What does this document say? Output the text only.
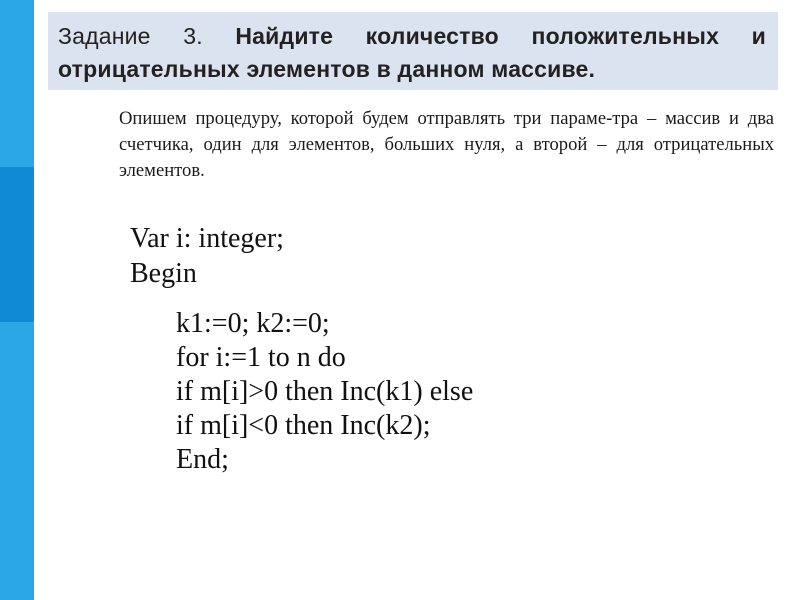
Задание 3. Найдите количество положительных и отрицательных элементов в данном массиве.
Опишем процедуру, которой будем отправлять три параме-тра – массив и два счетчика, один для элементов, больших нуля, а второй – для отрицательных элементов.
Var i: integer;
Begin
k1:=0; k2:=0;
for i:=1 to n do
if m[i]>0 then Inc(k1) else
if m[i]<0 then Inc(k2);
End;
